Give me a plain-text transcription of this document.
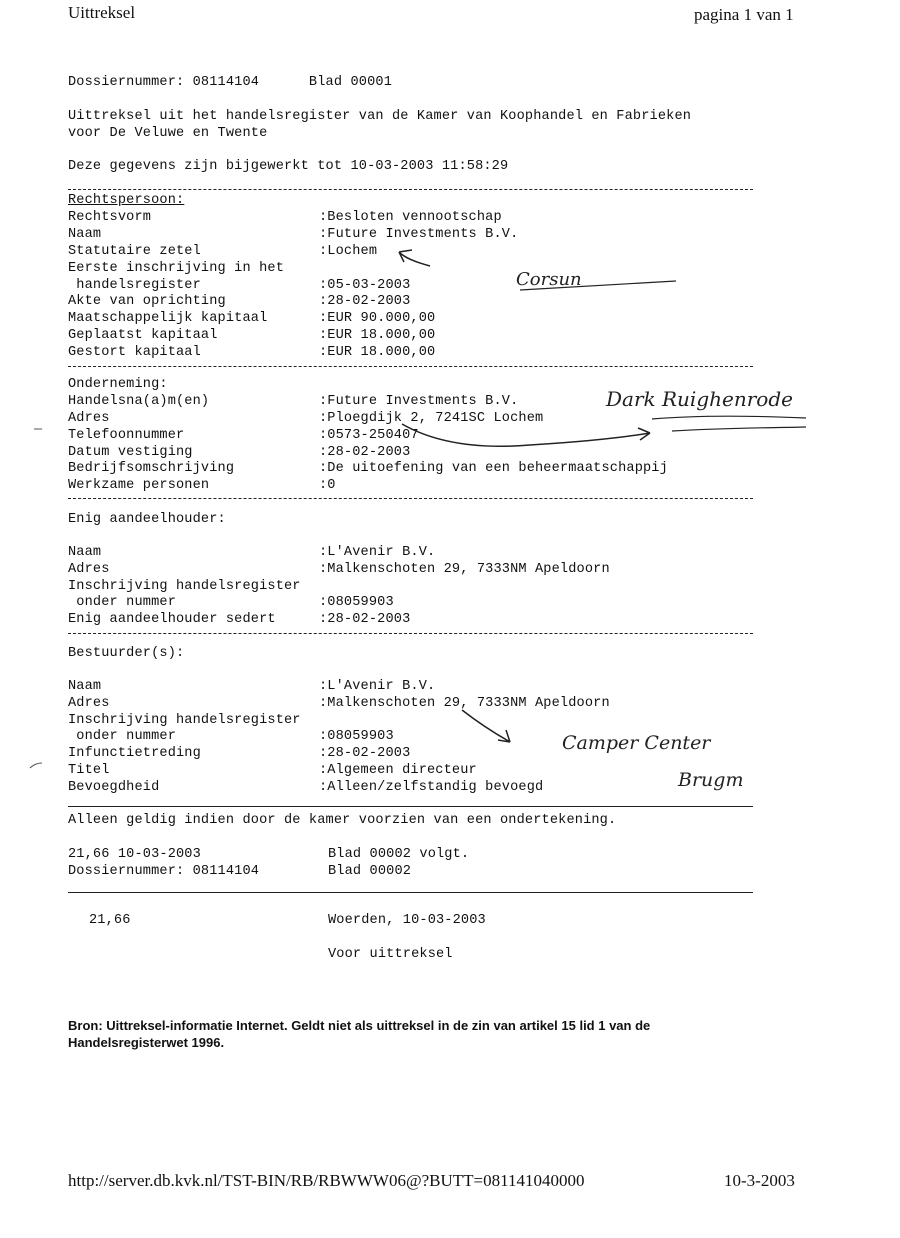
Uittreksel	pagina 1 van 1
Dossiernummer: 08114104      Blad 00001
Uittreksel uit het handelsregister van de Kamer van Koophandel en Fabrieken
voor De Veluwe en Twente
Deze gegevens zijn bijgewerkt tot 10-03-2003 11:58:29
Rechtspersoon:
Rechtsvorm	:Besloten vennootschap
Naam	:Future Investments B.V.
Statutaire zetel	:Lochem
Eerste inschrijving in het
handelsregister	:05-03-2003
Akte van oprichting	:28-02-2003
Maatschappelijk kapitaal	:EUR 90.000,00
Geplaatst kapitaal	:EUR 18.000,00
Gestort kapitaal	:EUR 18.000,00
Onderneming:
Handelsna(a)m(en)	:Future Investments B.V.
Adres	:Ploegdijk 2, 7241SC Lochem
Telefoonnummer	:0573-250407
Datum vestiging	:28-02-2003
Bedrijfsomschrijving	:De uitoefening van een beheermaatschappij
Werkzame personen	:0
Enig aandeelhouder:
Naam	:L'Avenir B.V.
Adres	:Malkenschoten 29, 7333NM Apeldoorn
Inschrijving handelsregister
onder nummer	:08059903
Enig aandeelhouder sedert	:28-02-2003
Bestuurder(s):
Naam	:L'Avenir B.V.
Adres	:Malkenschoten 29, 7333NM Apeldoorn
Inschrijving handelsregister
onder nummer	:08059903
Infunctietreding	:28-02-2003
Titel	:Algemeen directeur
Bevoegdheid	:Alleen/zelfstandig bevoegd
Alleen geldig indien door de kamer voorzien van een ondertekening.
21,66 10-03-2003	Blad 00002 volgt.
Dossiernummer: 08114104	Blad 00002
21,66	Woerden, 10-03-2003
Voor uittreksel
Bron: Uittreksel-informatie Internet. Geldt niet als uittreksel in de zin van artikel 15 lid 1 van de
Handelsregisterwet 1996.
http://server.db.kvk.nl/TST-BIN/RB/RBWWW06@?BUTT=081141040000	10-3-2003
Corsun
Dark Ruighenrode
Camper Center
Brugm
